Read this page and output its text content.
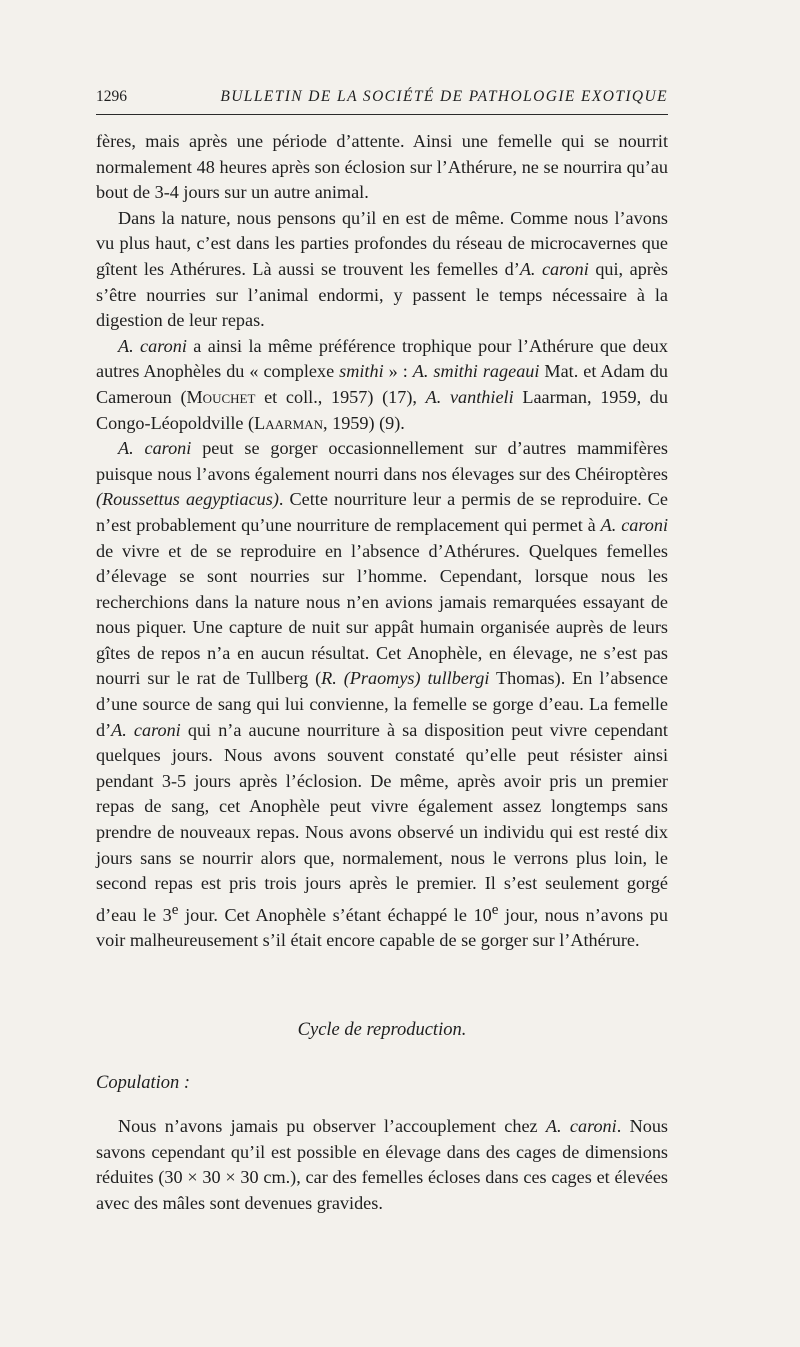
1296	BULLETIN DE LA SOCIÉTÉ DE PATHOLOGIE EXOTIQUE

fères, mais après une période d’attente. Ainsi une femelle qui se nourrit normalement 48 heures après son éclosion sur l’Athérure, ne se nourrira qu’au bout de 3-4 jours sur un autre animal.

Dans la nature, nous pensons qu’il en est de même. Comme nous l’avons vu plus haut, c’est dans les parties profondes du réseau de microcavernes que gîtent les Athérures. Là aussi se trouvent les femelles d’A. caroni qui, après s’être nourries sur l’animal endormi, y passent le temps nécessaire à la digestion de leur repas.

A. caroni a ainsi la même préférence trophique pour l’Athérure que deux autres Anophèles du « complexe smithi » : A. smithi rageaui Mat. et Adam du Cameroun (Mouchet et coll., 1957) (17), A. vanthieli Laarman, 1959, du Congo-Léopoldville (Laarman, 1959) (9).

A. caroni peut se gorger occasionnellement sur d’autres mammifères puisque nous l’avons également nourri dans nos élevages sur des Chéiroptères (Roussettus aegyptiacus). Cette nourriture leur a permis de se reproduire. Ce n’est probablement qu’une nourriture de remplacement qui permet à A. caroni de vivre et de se reproduire en l’absence d’Athérures. Quelques femelles d’élevage se sont nourries sur l’homme. Cependant, lorsque nous les recherchions dans la nature nous n’en avions jamais remarquées essayant de nous piquer. Une capture de nuit sur appât humain organisée auprès de leurs gîtes de repos n’a en aucun résultat. Cet Anophèle, en élevage, ne s’est pas nourri sur le rat de Tullberg (R. (Praomys) tullbergi Thomas). En l’absence d’une source de sang qui lui convienne, la femelle se gorge d’eau. La femelle d’A. caroni qui n’a aucune nourriture à sa disposition peut vivre cependant quelques jours. Nous avons souvent constaté qu’elle peut résister ainsi pendant 3-5 jours après l’éclosion. De même, après avoir pris un premier repas de sang, cet Anophèle peut vivre également assez longtemps sans prendre de nouveaux repas. Nous avons observé un individu qui est resté dix jours sans se nourrir alors que, normalement, nous le verrons plus loin, le second repas est pris trois jours après le premier. Il s’est seulement gorgé d’eau le 3e jour. Cet Anophèle s’étant échappé le 10e jour, nous n’avons pu voir malheureusement s’il était encore capable de se gorger sur l’Athérure.

Cycle de reproduction.
Copulation :

Nous n’avons jamais pu observer l’accouplement chez A. caroni. Nous savons cependant qu’il est possible en élevage dans des cages de dimensions réduites (30 × 30 × 30 cm.), car des femelles écloses dans ces cages et élevées avec des mâles sont devenues gravides.
